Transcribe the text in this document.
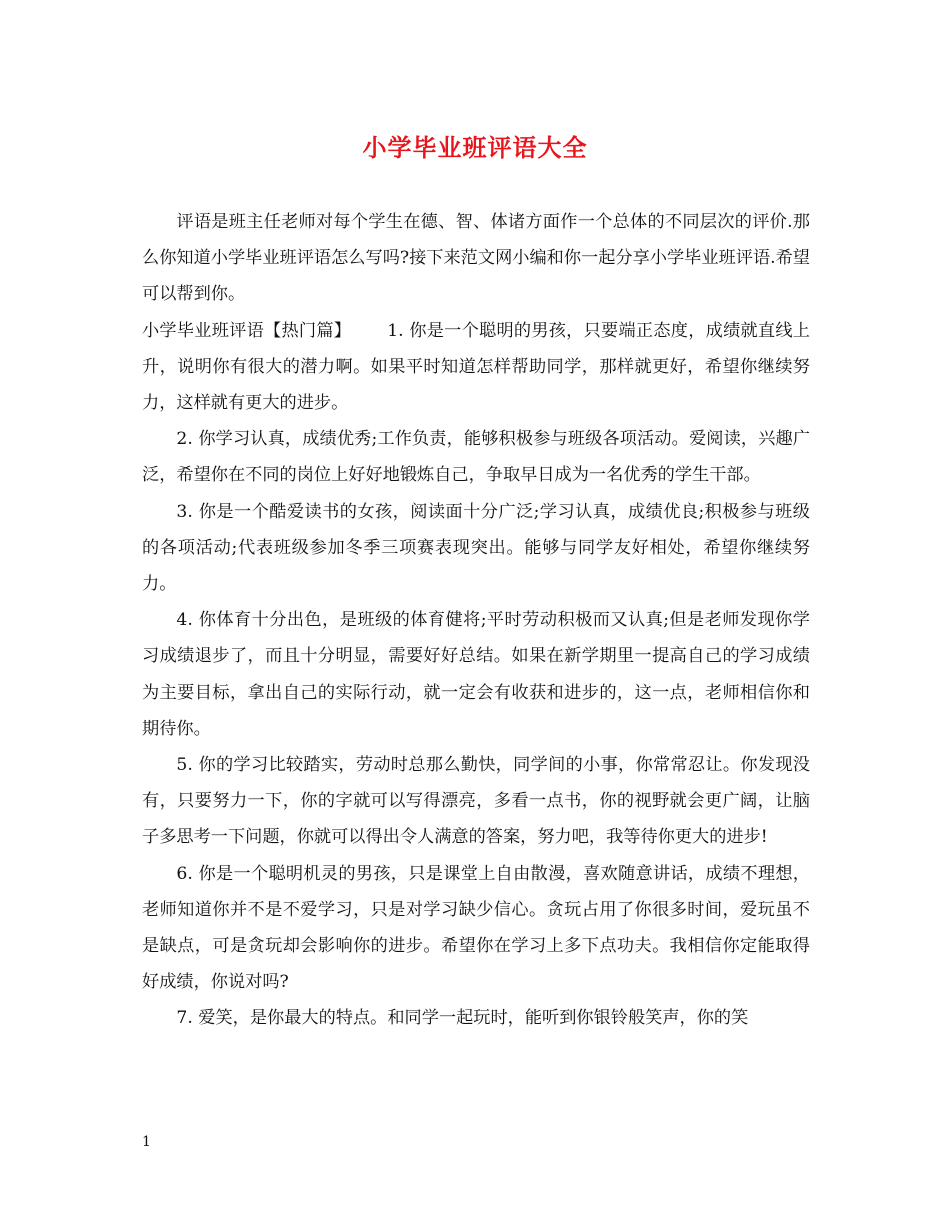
小学毕业班评语大全

评语是班主任老师对每个学生在德、智、体诸方面作一个总体的不同层次的评价.那么你知道小学毕业班评语怎么写吗?接下来范文网小编和你一起分享小学毕业班评语.希望可以帮到你。

小学毕业班评语【热门篇】 1. 你是一个聪明的男孩，只要端正态度，成绩就直线上升，说明你有很大的潜力啊。如果平时知道怎样帮助同学，那样就更好，希望你继续努力，这样就有更大的进步。

2. 你学习认真，成绩优秀;工作负责，能够积极参与班级各项活动。爱阅读，兴趣广泛，希望你在不同的岗位上好好地锻炼自己，争取早日成为一名优秀的学生干部。

3. 你是一个酷爱读书的女孩，阅读面十分广泛;学习认真，成绩优良;积极参与班级的各项活动;代表班级参加冬季三项赛表现突出。能够与同学友好相处，希望你继续努力。

4. 你体育十分出色，是班级的体育健将;平时劳动积极而又认真;但是老师发现你学习成绩退步了，而且十分明显，需要好好总结。如果在新学期里一提高自己的学习成绩为主要目标，拿出自己的实际行动，就一定会有收获和进步的，这一点，老师相信你和期待你。

5. 你的学习比较踏实，劳动时总那么勤快，同学间的小事，你常常忍让。你发现没有，只要努力一下，你的字就可以写得漂亮，多看一点书，你的视野就会更广阔，让脑子多思考一下问题，你就可以得出令人满意的答案，努力吧，我等待你更大的进步!

6. 你是一个聪明机灵的男孩，只是课堂上自由散漫，喜欢随意讲话，成绩不理想，老师知道你并不是不爱学习，只是对学习缺少信心。贪玩占用了你很多时间，爱玩虽不是缺点，可是贪玩却会影响你的进步。希望你在学习上多下点功夫。我相信你定能取得好成绩，你说对吗?

7. 爱笑，是你最大的特点。和同学一起玩时，能听到你银铃般笑声，你的笑

1
